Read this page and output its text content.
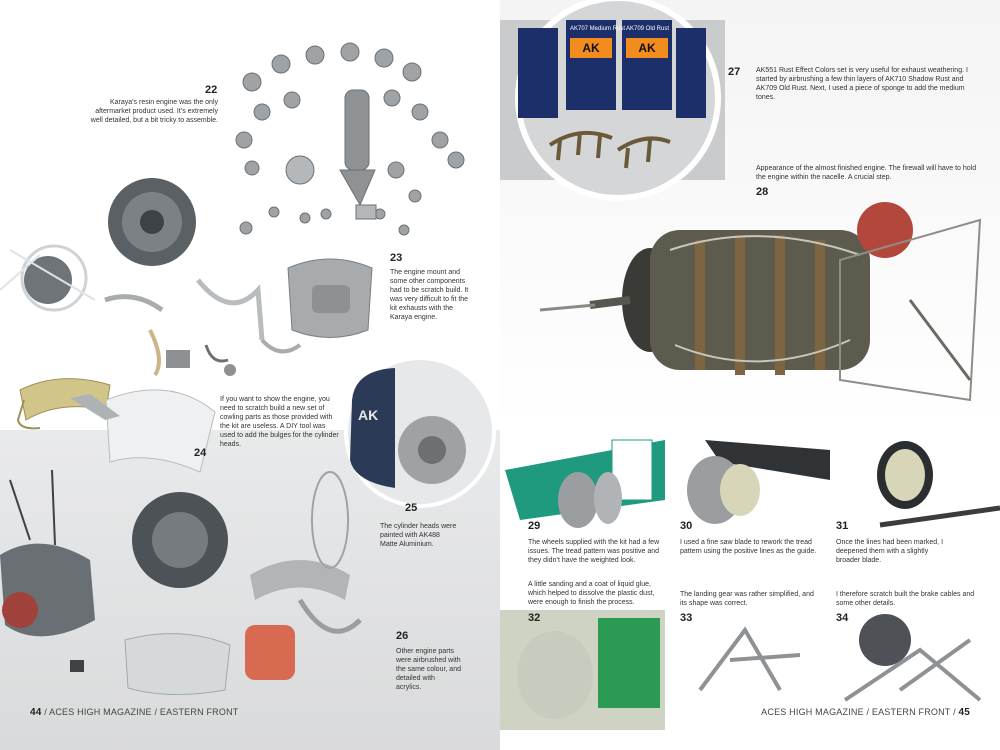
AK
22
Karaya’s resin engine was the only aftermarket product used. It’s extremely well detailed, but a bit tricky to assemble.
23
The engine mount and some other components had to be scratch build. It was very difficult to fit the kit exhausts with the Karaya engine.
If you want to show the engine, you need to scratch build a new set of cowling parts as those provided with the kit are useless. A DIY tool was used to add the bulges for the cylinder heads.
24
25
The cylinder heads were painted with AK488 Matte Aluminium.
26
Other engine parts were airbrushed with the same colour, and detailed with acrylics.
44 / ACES HIGH MAGAZINE / EASTERN FRONT
AK	AK
AK707 Medium Rust AK709 Old Rust
27 AK551 Rust Effect Colors set is very useful for exhaust weathering. I started by airbrushing a few thin layers of AK710 Shadow Rust and AK709 Old Rust. Next, I used a piece of sponge to add the medium tones.
Appearance of the almost finished engine. The firewall will have to hold the engine within the nacelle. A crucial step.
28
29
The wheels supplied with the kit had a few issues. The tread pattern was positive and they didn’t have the weighted look.
30
I used a fine saw blade to rework the tread pattern using the positive lines as the guide.
31
Once the lines had been marked, I deepened them with a slightly broader blade.
A little sanding and a coat of liquid glue, which helped to dissolve the plastic dust, were enough to finish the process.
32
The landing gear was rather simplified, and its shape was correct.
33
I therefore scratch built the brake cables and some other details.
34
ACES HIGH MAGAZINE / EASTERN FRONT / 45
